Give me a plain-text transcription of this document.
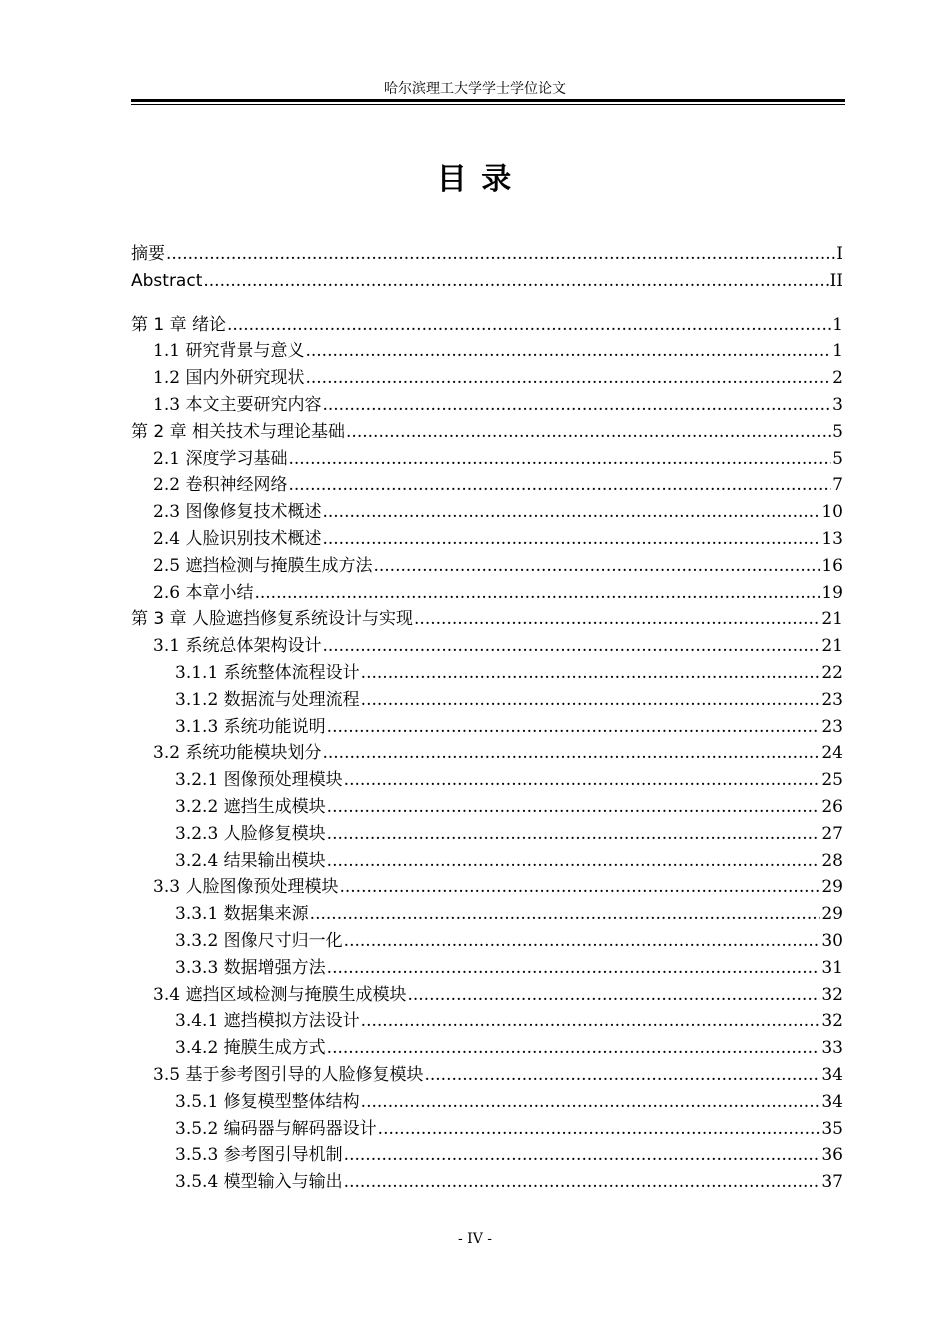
哈尔滨理工大学学士学位论文
目 录
摘要 .....	I
Abstract .....	II
第 1 章 绪论 .....	1
1.1 研究背景与意义 .....	1
1.2 国内外研究现状 .....	2
1.3 本文主要研究内容 .....	3
第 2 章 相关技术与理论基础 .....	5
2.1 深度学习基础 .....	5
2.2 卷积神经网络 .....	7
2.3 图像修复技术概述 .....	10
2.4 人脸识别技术概述 .....	13
2.5 遮挡检测与掩膜生成方法 .....	16
2.6 本章小结 .....	19
第 3 章 人脸遮挡修复系统设计与实现 .....	21
3.1 系统总体架构设计 .....	21
3.1.1 系统整体流程设计 .....	22
3.1.2 数据流与处理流程 .....	23
3.1.3 系统功能说明 .....	23
3.2 系统功能模块划分 .....	24
3.2.1 图像预处理模块 .....	25
3.2.2 遮挡生成模块 .....	26
3.2.3 人脸修复模块 .....	27
3.2.4 结果输出模块 .....	28
3.3 人脸图像预处理模块 .....	29
3.3.1 数据集来源 .....	29
3.3.2 图像尺寸归一化 .....	30
3.3.3 数据增强方法 .....	31
3.4 遮挡区域检测与掩膜生成模块 .....	32
3.4.1 遮挡模拟方法设计 .....	32
3.4.2 掩膜生成方式 .....	33
3.5 基于参考图引导的人脸修复模块 .....	34
3.5.1 修复模型整体结构 .....	34
3.5.2 编码器与解码器设计 .....	35
3.5.3 参考图引导机制 .....	36
3.5.4 模型输入与输出 .....	37
- IV -
